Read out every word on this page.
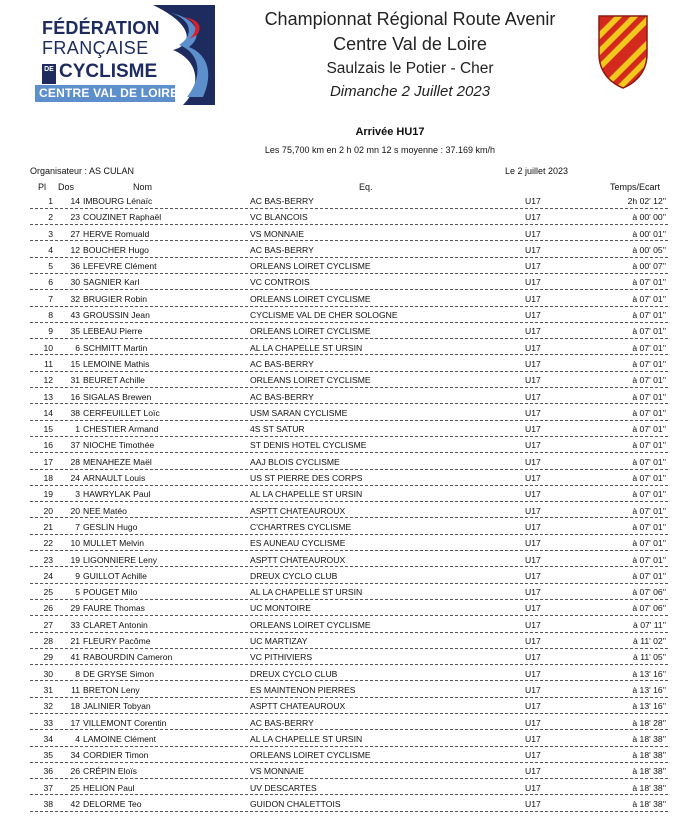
FÉDÉRATION
FRANÇAISE
DE CYCLISME
CENTRE VAL DE LOIRE
Championnat Régional Route Avenir
Centre Val de Loire
Saulzais le Potier - Cher
Dimanche 2 Juillet 2023
Arrivée HU17
Les 75,700 km en 2 h 02 mn 12 s moyenne : 37.169 km/h
Organisateur : AS CULAN	Le 2 juillet 2023
Pl Dos	Nom	Eq.	Temps/Ecart
1	14 IMBOURG Lénaïc	AC BAS-BERRY	U17	2h 02' 12''
2	23 COUZINET Raphaël	VC BLANCOIS	U17	à 00' 00''
3	27 HERVE Romuald	VS MONNAIE	U17	à 00' 01''
4	12 BOUCHER Hugo	AC BAS-BERRY	U17	à 00' 05''
5	36 LEFEVRE Clément	ORLEANS LOIRET CYCLISME	U17	à 00' 07''
6	30 SAGNIER Karl	VC CONTROIS	U17	à 07' 01''
7	32 BRUGIER Robin	ORLEANS LOIRET CYCLISME	U17	à 07' 01''
8	43 GROUSSIN Jean	CYCLISME VAL DE CHER SOLOGNE	U17	à 07' 01''
9	35 LEBEAU Pierre	ORLEANS LOIRET CYCLISME	U17	à 07' 01''
10	6 SCHMITT Martin	AL LA CHAPELLE ST URSIN	U17	à 07' 01''
11	15 LEMOINE Mathis	AC BAS-BERRY	U17	à 07' 01''
12	31 BEURET Achille	ORLEANS LOIRET CYCLISME	U17	à 07' 01''
13	16 SIGALAS Brewen	AC BAS-BERRY	U17	à 07' 01''
14	38 CERFEUILLET Loïc	USM SARAN CYCLISME	U17	à 07' 01''
15	1 CHESTIER Armand	4S ST SATUR	U17	à 07' 01''
16	37 NIOCHE Timothée	ST DENIS HOTEL CYCLISME	U17	à 07' 01''
17	28 MENAHEZE Maël	AAJ BLOIS CYCLISME	U17	à 07' 01''
18	24 ARNAULT Louis	US ST PIERRE DES CORPS	U17	à 07' 01''
19	3 HAWRYLAK Paul	AL LA CHAPELLE ST URSIN	U17	à 07' 01''
20	20 NEE Matéo	ASPTT CHATEAUROUX	U17	à 07' 01''
21	7 GESLIN Hugo	C'CHARTRES CYCLISME	U17	à 07' 01''
22	10 MULLET Melvin	ES AUNEAU CYCLISME	U17	à 07' 01''
23	19 LIGONNIERE Leny	ASPTT CHATEAUROUX	U17	à 07' 01''
24	9 GUILLOT Achille	DREUX CYCLO CLUB	U17	à 07' 01''
25	5 POUGET Milo	AL LA CHAPELLE ST URSIN	U17	à 07' 06''
26	29 FAURE Thomas	UC MONTOIRE	U17	à 07' 06''
27	33 CLARET Antonin	ORLEANS LOIRET CYCLISME	U17	à 07' 11''
28	21 FLEURY Pacôme	UC MARTIZAY	U17	à 11' 02''
29	41 RABOURDIN Cameron	VC PITHIVIERS	U17	à 11' 05''
30	8 DE GRYSE Simon	DREUX CYCLO CLUB	U17	à 13' 16''
31	11 BRETON Leny	ES MAINTENON PIERRES	U17	à 13' 16''
32	18 JALINIER Tobyan	ASPTT CHATEAUROUX	U17	à 13' 16''
33	17 VILLEMONT Corentin	AC BAS-BERRY	U17	à 18' 28''
34	4 LAMOINE Clément	AL LA CHAPELLE ST URSIN	U17	à 18' 38''
35	34 CORDIER Timon	ORLEANS LOIRET CYCLISME	U17	à 18' 38''
36	26 CRÉPIN Eloïs	VS MONNAIE	U17	à 18' 38''
37	25 HELION Paul	UV DESCARTES	U17	à 18' 38''
38	42 DELORME Teo	GUIDON CHALETTOIS	U17	à 18' 38''
